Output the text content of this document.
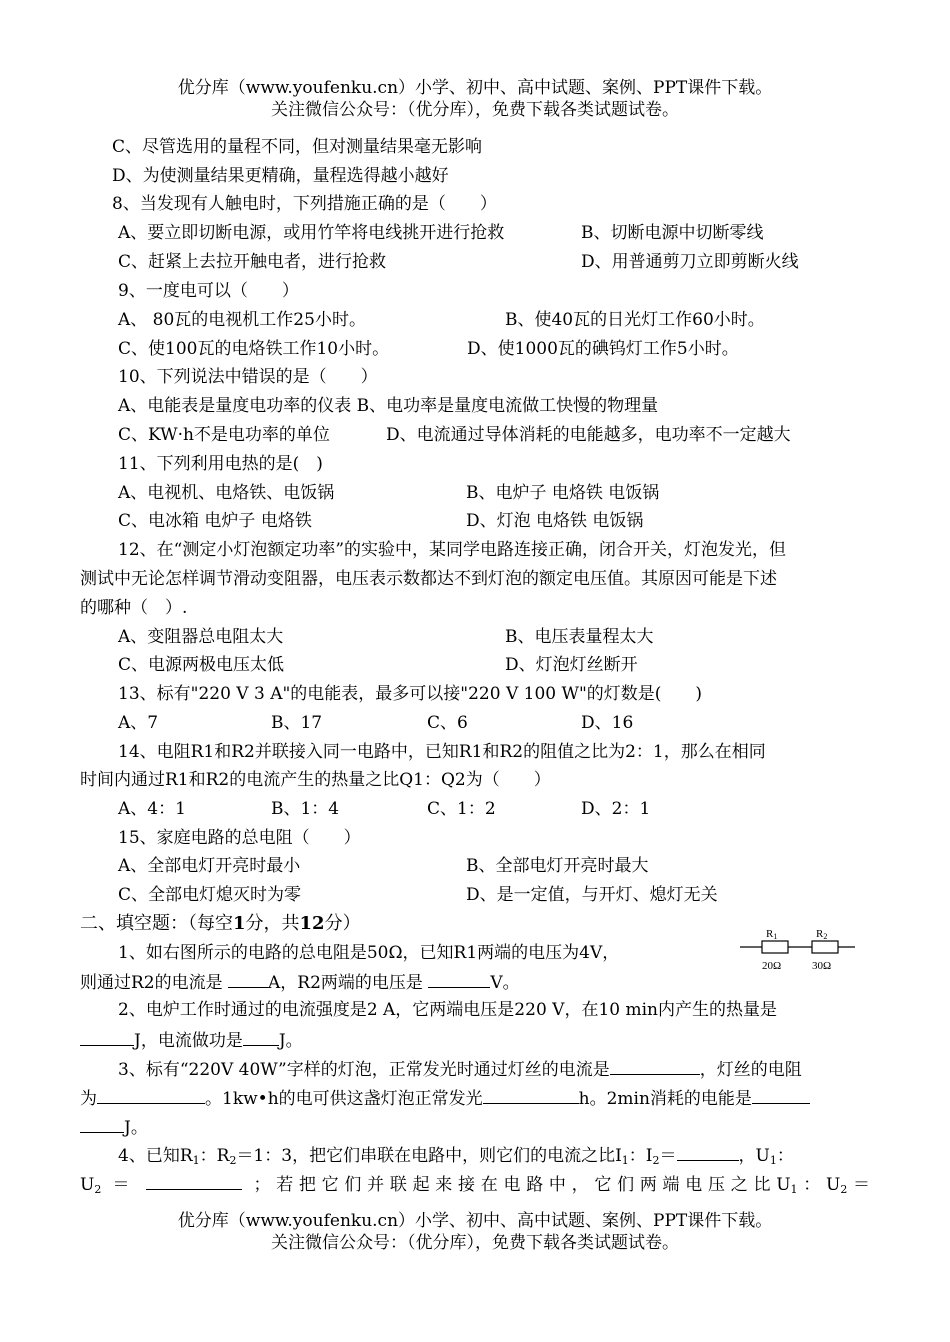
优分库（www.youfenku.cn）小学、初中、高中试题、案例、PPT课件下载。
关注微信公众号：（优分库），免费下载各类试题试卷。
C、尽管选用的量程不同，但对测量结果毫无影响
D、为使测量结果更精确，量程选得越小越好
8、当发现有人触电时，下列措施正确的是（　　）
A、要立即切断电源，或用竹竿将电线挑开进行抢救	B、切断电源中切断零线
C、赶紧上去拉开触电者，进行抢救	D、用普通剪刀立即剪断火线
9、一度电可以（　　）
A、 80瓦的电视机工作25小时。	B、使40瓦的日光灯工作60小时。
C、使100瓦的电烙铁工作10小时。	D、使1000瓦的碘钨灯工作5小时。
10、下列说法中错误的是（　　）
A、电能表是量度电功率的仪表 B、电功率是量度电流做工快慢的物理量
C、KW·h不是电功率的单位	D、电流通过导体消耗的电能越多，电功率不一定越大
11、下列利用电热的是(　)
A、电视机、电烙铁、电饭锅	B、电炉子 电烙铁 电饭锅
C、电冰箱 电炉子 电烙铁	D、灯泡 电烙铁 电饭锅
12、在“测定小灯泡额定功率”的实验中，某同学电路连接正确，闭合开关，灯泡发光，但
测试中无论怎样调节滑动变阻器，电压表示数都达不到灯泡的额定电压值。其原因可能是下述
的哪种（　）.
A、变阻器总电阻太大	B、电压表量程太大
C、电源两极电压太低	D、灯泡灯丝断开
13、标有"220 V 3 A"的电能表，最多可以接"220 V 100 W"的灯数是(　　)
A、7	B、17	C、6	D、16
14、电阻R1和R2并联接入同一电路中，已知R1和R2的阻值之比为2：1，那么在相同
时间内通过R1和R2的电流产生的热量之比Q1：Q2为（　　）
A、4：1	B、1：4	C、1：2	D、2：1
15、家庭电路的总电阻（　　）
A、全部电灯开亮时最小	B、全部电灯开亮时最大
C、全部电灯熄灭时为零	D、是一定值，与开灯、熄灯无关
二、填空题：（每空1分，共12分）
1、如右图所示的电路的总电阻是50Ω，已知R1两端的电压为4V，
则通过R2的电流是	A，R2两端的电压是	V。
R1	R2
20Ω	30Ω
2、电炉工作时通过的电流强度是2 A，它两端电压是220 V，在10 min内产生的热量是
J，电流做功是 J。
3、标有“220V 40W”字样的灯泡，正常发光时通过灯丝的电流是	，灯丝的电阻
为	。1kw•h的电可供这盏灯泡正常发光	h。2min消耗的电能是
J。
4、已知$R_1$：$R_2=1$：3，把它们串联在电路中，则它们的电流之比$I_1$：$I_2=$	，$U_1$：
$U_2$ ＝	；若把它们并联起来接在电路中，它们两端电压之比$U_1$：$U_2=$
优分库（www.youfenku.cn）小学、初中、高中试题、案例、PPT课件下载。
关注微信公众号：（优分库），免费下载各类试题试卷。
